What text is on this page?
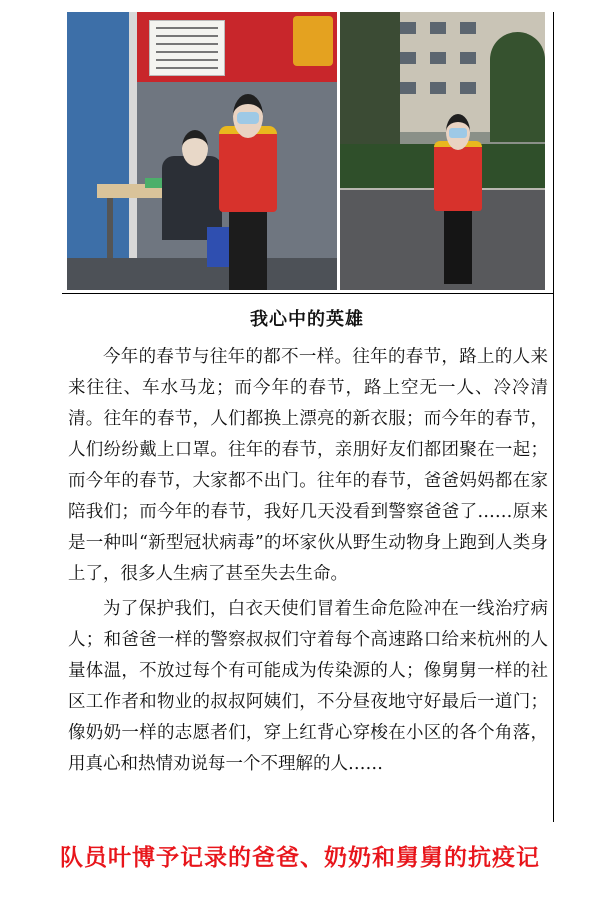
我心中的英雄

今年的春节与往年的都不一样。往年的春节，路上的人来来往往、车水马龙；而今年的春节，路上空无一人、冷冷清清。往年的春节，人们都换上漂亮的新衣服；而今年的春节，人们纷纷戴上口罩。往年的春节，亲朋好友们都团聚在一起；而今年的春节，大家都不出门。往年的春节，爸爸妈妈都在家陪我们；而今年的春节，我好几天没看到警察爸爸了……原来是一种叫“新型冠状病毒”的坏家伙从野生动物身上跑到人类身上了，很多人生病了甚至失去生命。

为了保护我们，白衣天使们冒着生命危险冲在一线治疗病人；和爸爸一样的警察叔叔们守着每个高速路口给来杭州的人量体温，不放过每个有可能成为传染源的人；像舅舅一样的社区工作者和物业的叔叔阿姨们，不分昼夜地守好最后一道门；像奶奶一样的志愿者们，穿上红背心穿梭在小区的各个角落，用真心和热情劝说每一个不理解的人……

队员叶博予记录的爸爸、奶奶和舅舅的抗疫记
